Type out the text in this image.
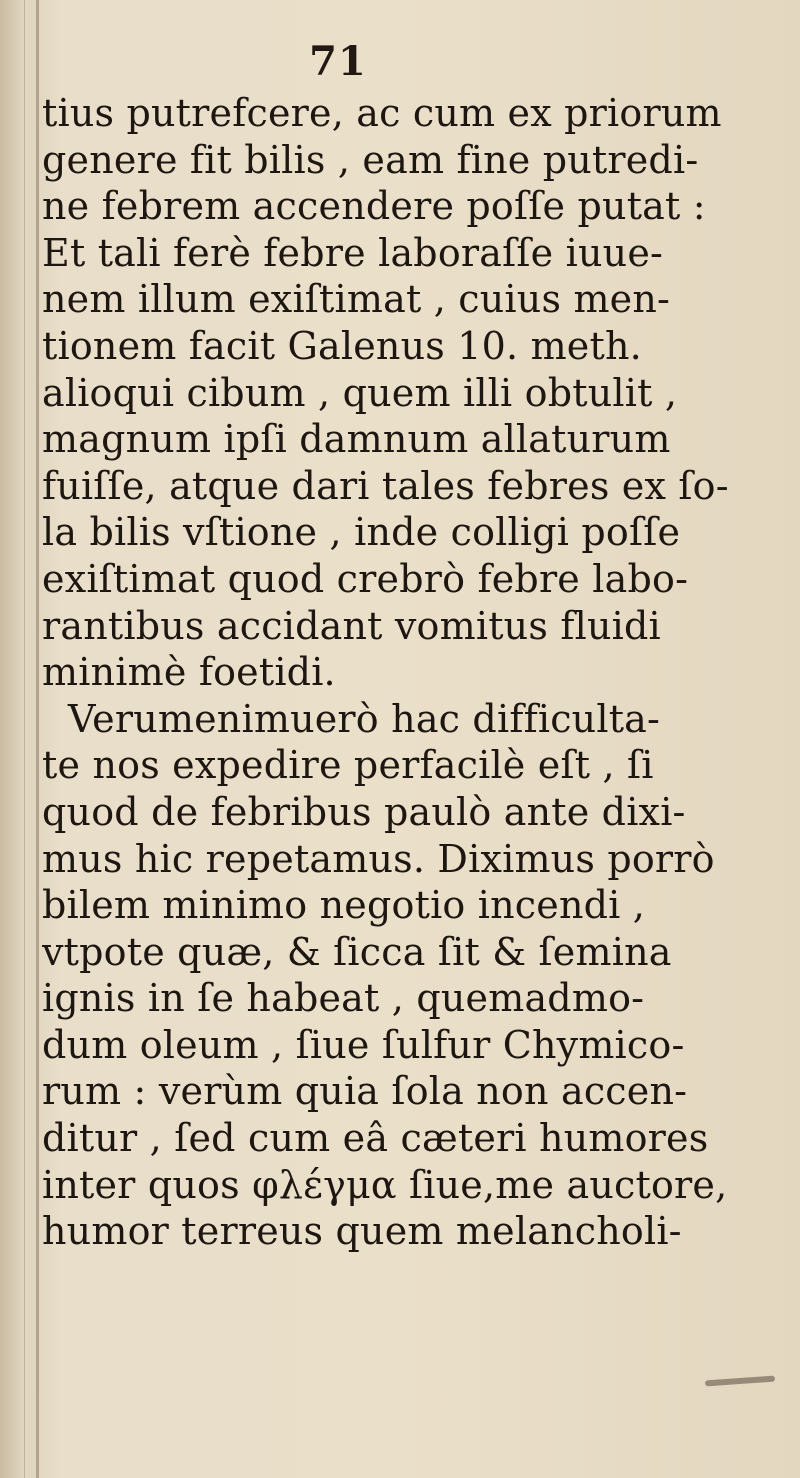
71
tius putrefcere, ac cum ex priorum
genere fit bilis , eam fine putredi-
ne febrem accendere poſſe putat :
Et tali ferè febre laboraſſe iuue-
nem illum exiſtimat , cuius men-
tionem facit Galenus 10. meth.
alioqui cibum , quem illi obtulit ,
magnum ipſi damnum allaturum
fuiſſe, atque dari tales febres ex ſo-
la bilis vſtione , inde colligi poſſe
exiſtimat quod crebrò febre labo-
rantibus accidant vomitus fluidi
minimè foetidi.
Verumenimuerò hac difficulta-
te nos expedire perfacilè eſt , ſi
quod de febribus paulò ante dixi-
mus hic repetamus. Diximus porrò
bilem minimo negotio incendi ,
vtpote quæ, & ſicca ſit & ſemina
ignis in ſe habeat , quemadmo-
dum oleum , ſiue ſulfur Chymico-
rum : verùm quia ſola non accen-
ditur , ſed cum eâ cæteri humores
inter quos φλέγμα ſiue,me auctore,
humor terreus quem melancholi-
